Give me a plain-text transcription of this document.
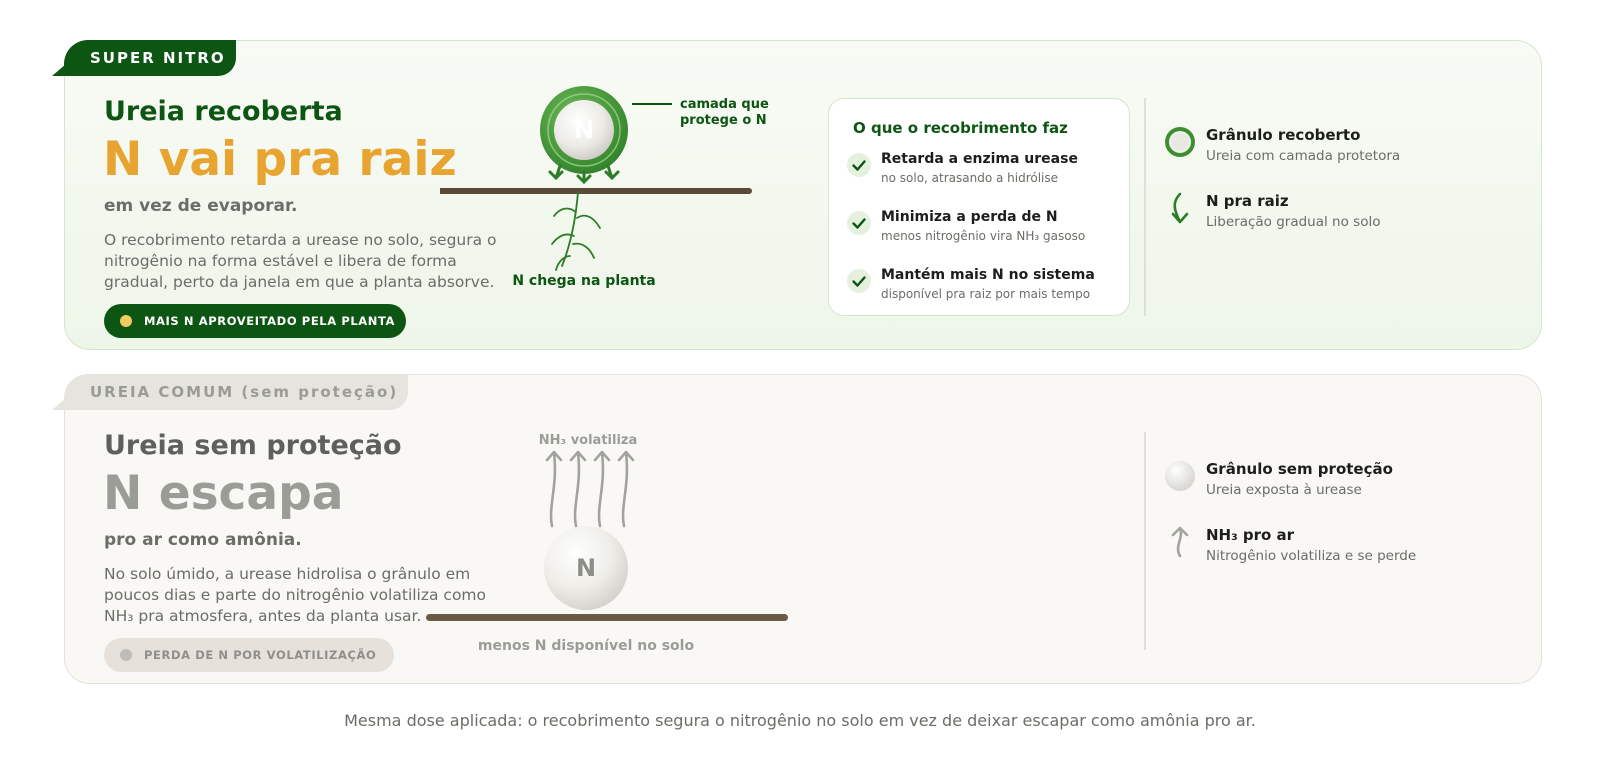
SUPER NITRO
Ureia recoberta
N vai pra raiz
em vez de evaporar.
O recobrimento retarda a urease no solo, segura o nitrogênio na forma estável e libera de forma gradual, perto da janela em que a planta absorve.
MAIS N APROVEITADO PELA PLANTA
N
camada que
protege o N
N chega na planta
O que o recobrimento faz
Retarda a enzima urease
no solo, atrasando a hidrólise
Minimiza a perda de N
menos nitrogênio vira NH₃ gasoso
Mantém mais N no sistema
disponível pra raiz por mais tempo
Grânulo recoberto
Ureia com camada protetora
N pra raiz
Liberação gradual no solo
UREIA COMUM (sem proteção)
Ureia sem proteção
N escapa
pro ar como amônia.
No solo úmido, a urease hidrolisa o grânulo em poucos dias e parte do nitrogênio volatiliza como NH₃ pra atmosfera, antes da planta usar.
PERDA DE N POR VOLATILIZAÇÃO
NH₃ volatiliza
N
menos N disponível no solo
Grânulo sem proteção
Ureia exposta à urease
NH₃ pro ar
Nitrogênio volatiliza e se perde
Mesma dose aplicada: o recobrimento segura o nitrogênio no solo em vez de deixar escapar como amônia pro ar.
